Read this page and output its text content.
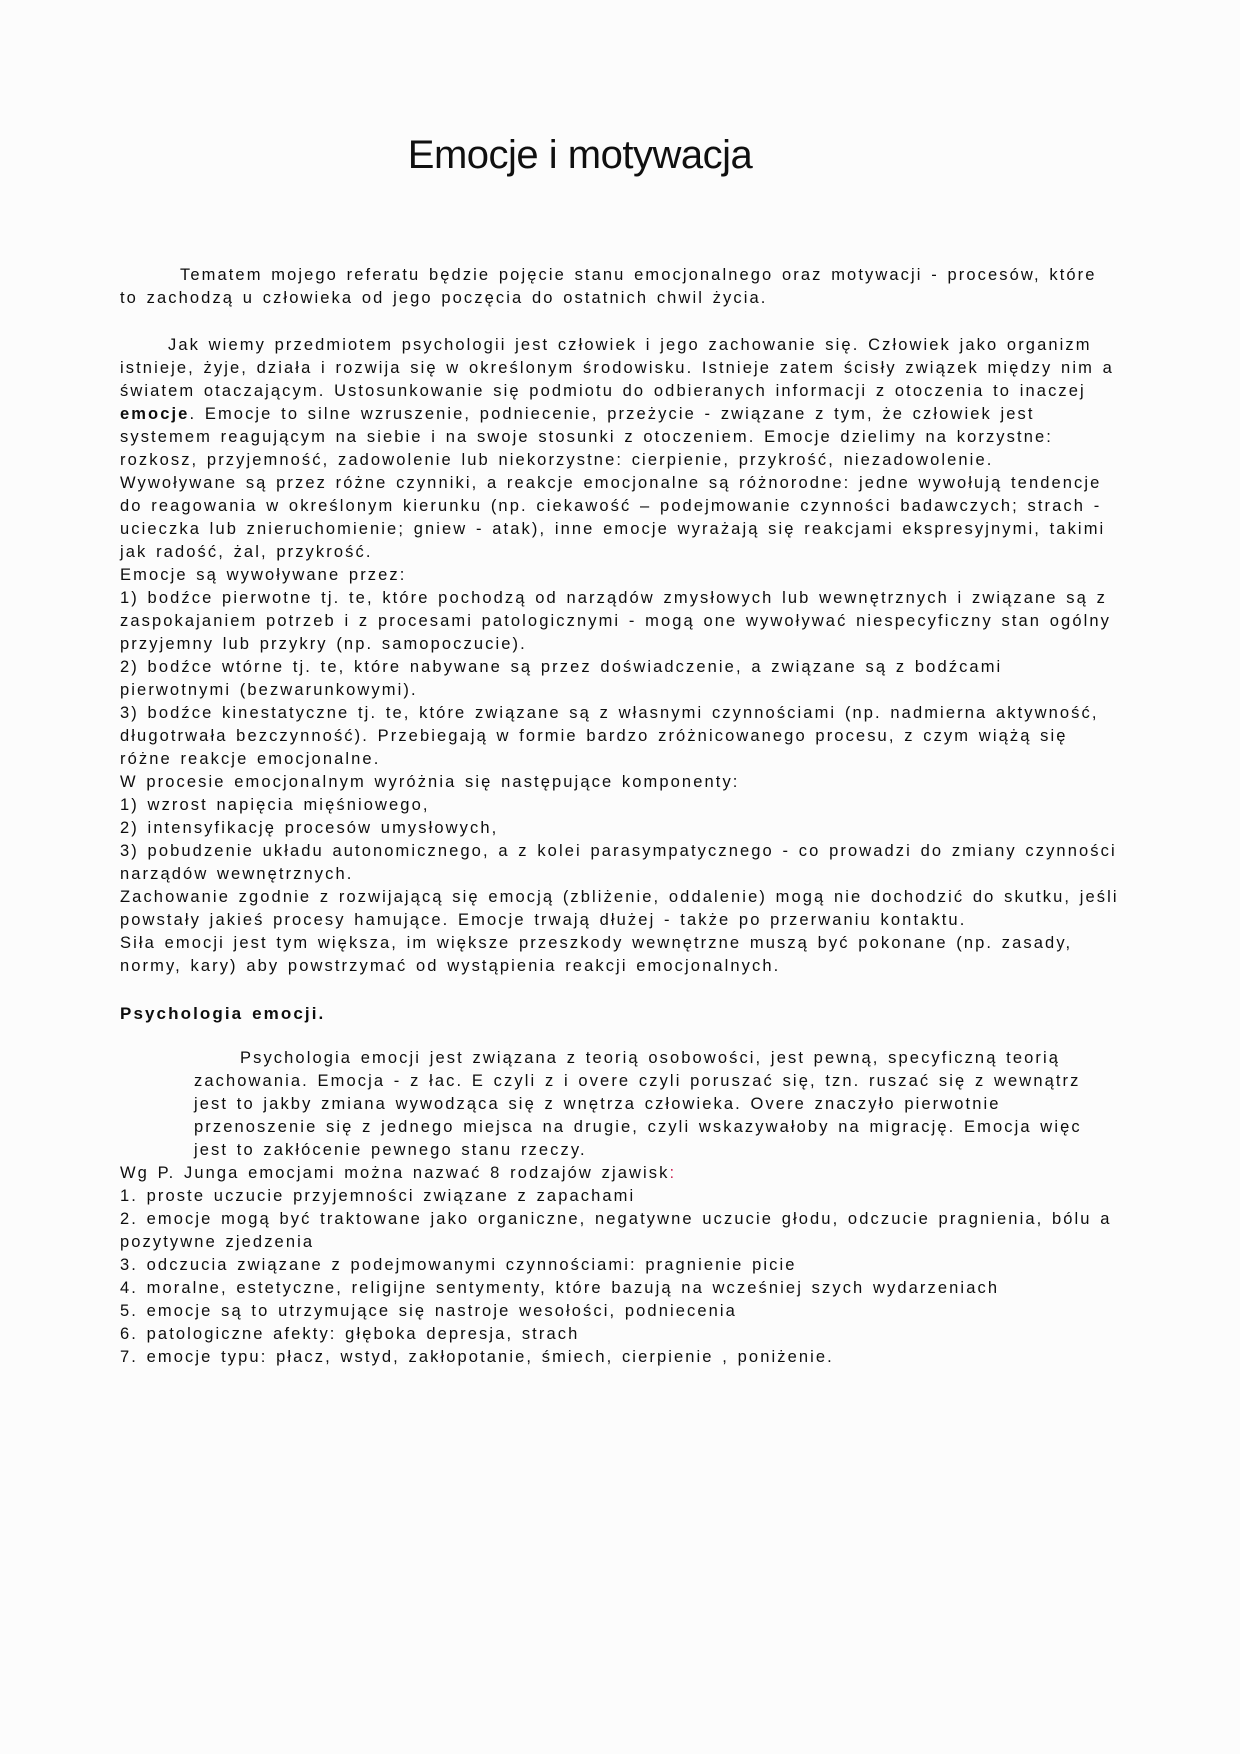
Emocje i motywacja

Tematem mojego referatu będzie pojęcie stanu emocjonalnego oraz motywacji - procesów, które to zachodzą u człowieka od jego poczęcia do ostatnich chwil życia.

Jak wiemy przedmiotem psychologii jest człowiek i jego zachowanie się. Człowiek jako organizm istnieje, żyje, działa i rozwija się w określonym środowisku. Istnieje zatem ścisły związek między nim a światem otaczającym. Ustosunkowanie się podmiotu do odbieranych informacji z otoczenia to inaczej emocje. Emocje to silne wzruszenie, podniecenie, przeżycie - związane z tym, że człowiek jest systemem reagującym na siebie i na swoje stosunki z otoczeniem. Emocje dzielimy na korzystne: rozkosz, przyjemność, zadowolenie lub niekorzystne: cierpienie, przykrość, niezadowolenie.

Wywoływane są przez różne czynniki, a reakcje emocjonalne są różnorodne: jedne wywołują tendencje do reagowania w określonym kierunku (np. ciekawość – podejmowanie czynności badawczych; strach -ucieczka lub znieruchomienie; gniew - atak), inne emocje wyrażają się reakcjami ekspresyjnymi, takimi jak radość, żal, przykrość.

Emocje są wywoływane przez:

1) bodźce pierwotne tj. te, które pochodzą od narządów zmysłowych lub wewnętrznych i związane są z zaspokajaniem potrzeb i z procesami patologicznymi - mogą one wywoływać niespecyficzny stan ogólny przyjemny lub przykry (np. samopoczucie).

2) bodźce wtórne tj. te, które nabywane są przez doświadczenie, a związane są z bodźcami pierwotnymi (bezwarunkowymi).

3) bodźce kinestatyczne tj. te, które związane są z własnymi czynnościami (np. nadmierna aktywność, długotrwała bezczynność). Przebiegają w formie bardzo zróżnicowanego procesu, z czym wiążą się różne reakcje emocjonalne.

W procesie emocjonalnym wyróżnia się następujące komponenty:

1) wzrost napięcia mięśniowego,

2) intensyfikację procesów umysłowych,

3) pobudzenie układu autonomicznego, a z kolei parasympatycznego - co prowadzi do zmiany czynności narządów wewnętrznych.

Zachowanie zgodnie z rozwijającą się emocją (zbliżenie, oddalenie) mogą nie dochodzić do skutku, jeśli powstały jakieś procesy hamujące. Emocje trwają dłużej - także po przerwaniu kontaktu.

Siła emocji jest tym większa, im większe przeszkody wewnętrzne muszą być pokonane (np. zasady, normy, kary) aby powstrzymać od wystąpienia reakcji emocjonalnych.

Psychologia emocji.

Psychologia emocji jest związana z teorią osobowości, jest pewną, specyficzną teorią zachowania. Emocja - z łac. E czyli z i overe czyli poruszać się, tzn. ruszać się z wewnątrz jest to jakby zmiana wywodząca się z wnętrza człowieka. Overe znaczyło pierwotnie przenoszenie się z jednego miejsca na drugie, czyli wskazywałoby na migrację. Emocja więc jest to zakłócenie pewnego stanu rzeczy.

Wg P. Junga emocjami można nazwać 8 rodzajów zjawisk:

1. proste uczucie przyjemności związane z zapachami

2. emocje mogą być traktowane jako organiczne, negatywne uczucie głodu, odczucie pragnienia, bólu a pozytywne zjedzenia

3. odczucia związane z podejmowanymi czynnościami: pragnienie picie

4. moralne, estetyczne, religijne sentymenty, które bazują na wcześniej szych wydarzeniach

5. emocje są to utrzymujące się nastroje wesołości, podniecenia

6. patologiczne afekty: głęboka depresja, strach

7. emocje typu: płacz, wstyd, zakłopotanie, śmiech, cierpienie , poniżenie.
